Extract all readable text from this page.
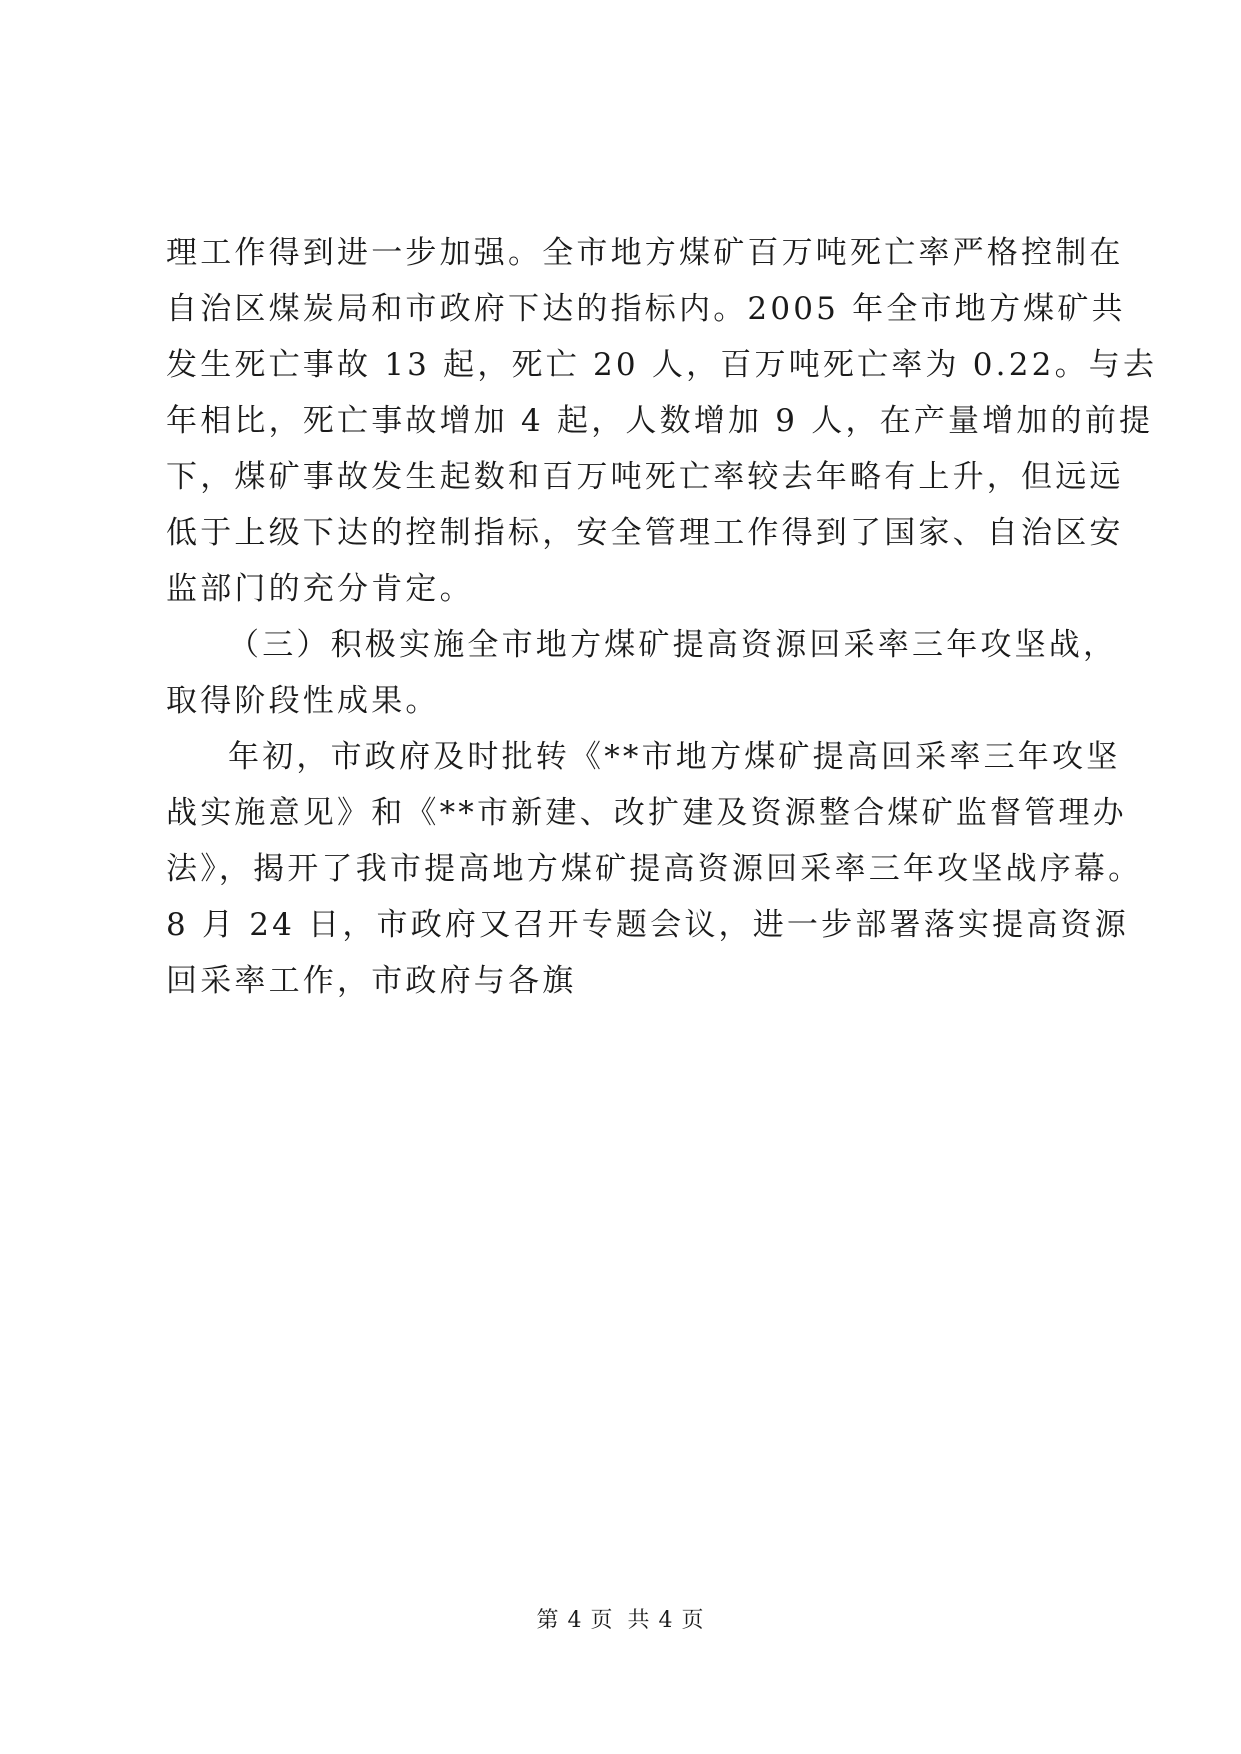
理工作得到进一步加强。全市地方煤矿百万吨死亡率严格控制在
自治区煤炭局和市政府下达的指标内。2005 年全市地方煤矿共
发生死亡事故 13 起，死亡 20 人，百万吨死亡率为 0.22。与去
年相比，死亡事故增加 4 起，人数增加 9 人，在产量增加的前提
下，煤矿事故发生起数和百万吨死亡率较去年略有上升，但远远
低于上级下达的控制指标，安全管理工作得到了国家、自治区安
监部门的充分肯定。
（三）积极实施全市地方煤矿提高资源回采率三年攻坚战，
取得阶段性成果。
年初，市政府及时批转《**市地方煤矿提高回采率三年攻坚
战实施意见》和《**市新建、改扩建及资源整合煤矿监督管理办
法》，揭开了我市提高地方煤矿提高资源回采率三年攻坚战序幕。
8 月 24 日，市政府又召开专题会议，进一步部署落实提高资源
回采率工作，市政府与各旗
第 4 页 共 4 页
